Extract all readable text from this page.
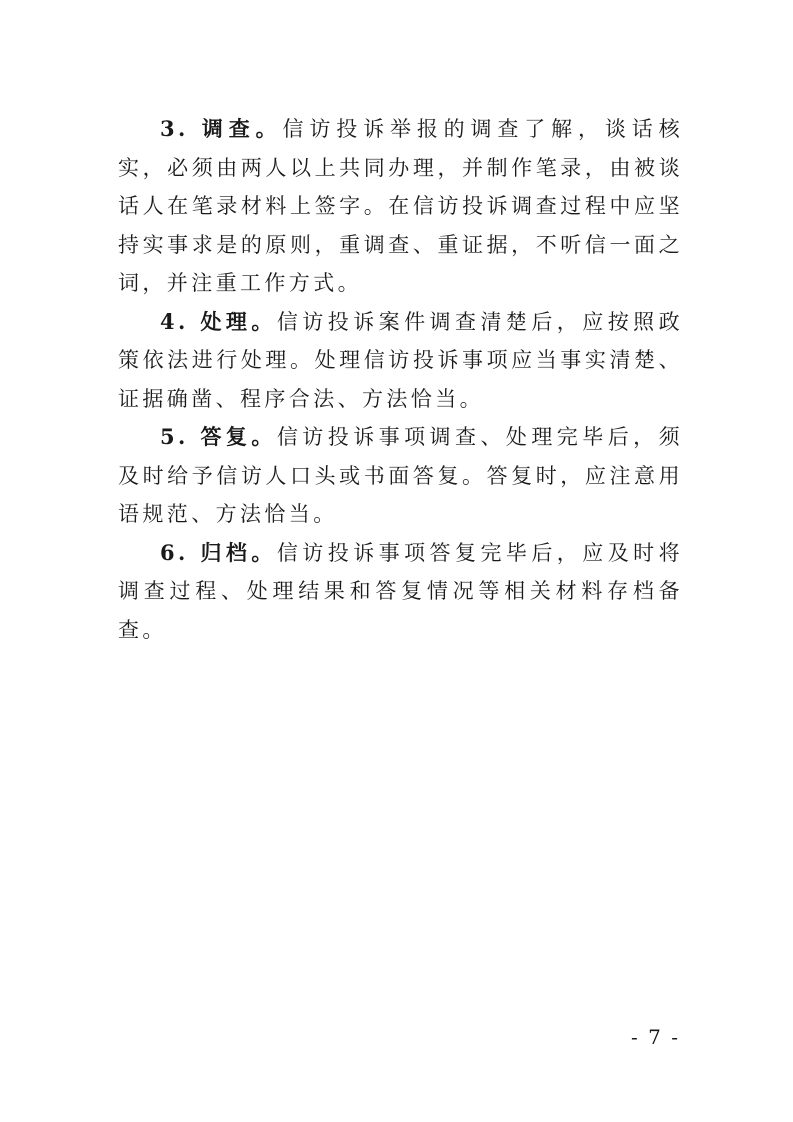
3. 调查。信访投诉举报的调查了解，谈话核实，必须由两人以上共同办理，并制作笔录，由被谈话人在笔录材料上签字。在信访投诉调查过程中应坚持实事求是的原则，重调查、重证据，不听信一面之词，并注重工作方式。

4. 处理。信访投诉案件调查清楚后，应按照政策依法进行处理。处理信访投诉事项应当事实清楚、证据确凿、程序合法、方法恰当。

5. 答复。信访投诉事项调查、处理完毕后，须及时给予信访人口头或书面答复。答复时，应注意用语规范、方法恰当。

6. 归档。信访投诉事项答复完毕后，应及时将调查过程、处理结果和答复情况等相关材料存档备查。

- 7 -
